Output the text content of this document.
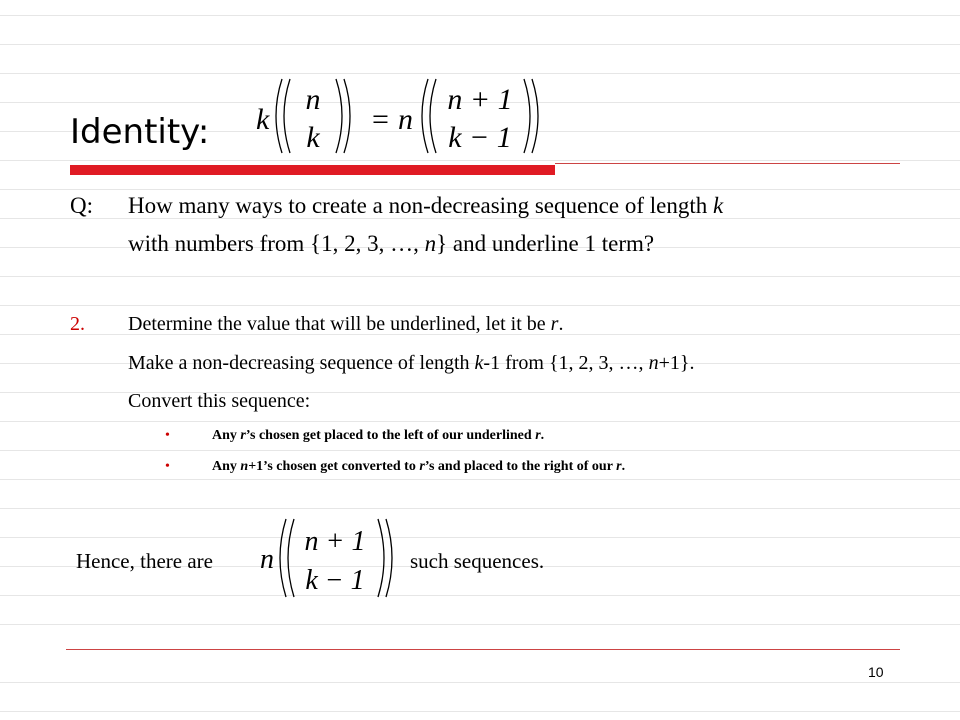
Identity: k
n
k
= n
n + 1
k − 1
Q: How many ways to create a non-decreasing sequence of length k
with numbers from {1, 2, 3, …, n} and underline 1 term?
2. Determine the value that will be underlined, let it be r.
Make a non-decreasing sequence of length k-1 from {1, 2, 3, …, n+1}.
Convert this sequence:
•	Any r’s chosen get placed to the left of our underlined r.
•	Any n+1’s chosen get converted to r’s and placed to the right of our r.
Hence, there are n
n + 1
k − 1
such sequences.
10
